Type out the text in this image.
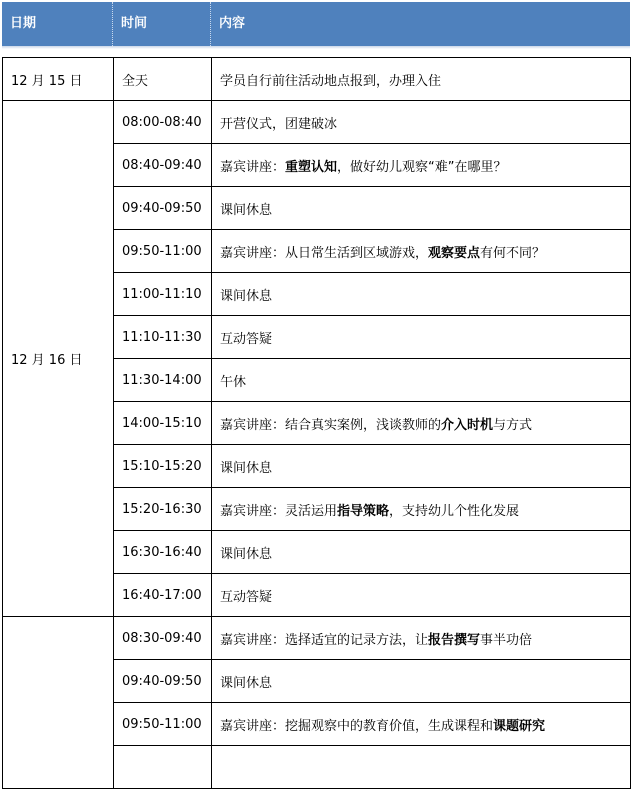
日期	时间	内容
12 月 15 日	全天	学员自行前往活动地点报到，办理入住
12 月 16 日	08:00-08:40	开营仪式，团建破冰
	08:40-09:40	嘉宾讲座：重塑认知，做好幼儿观察“难”在哪里？
	09:40-09:50	课间休息
	09:50-11:00	嘉宾讲座：从日常生活到区域游戏，观察要点有何不同？
	11:00-11:10	课间休息
	11:10-11:30	互动答疑
	11:30-14:00	午休
	14:00-15:10	嘉宾讲座：结合真实案例，浅谈教师的介入时机与方式
	15:10-15:20	课间休息
	15:20-16:30	嘉宾讲座：灵活运用指导策略，支持幼儿个性化发展
	16:30-16:40	课间休息
	16:40-17:00	互动答疑
	08:30-09:40	嘉宾讲座：选择适宜的记录方法，让报告撰写事半功倍
	09:40-09:50	课间休息
	09:50-11:00	嘉宾讲座：挖掘观察中的教育价值，生成课程和课题研究
